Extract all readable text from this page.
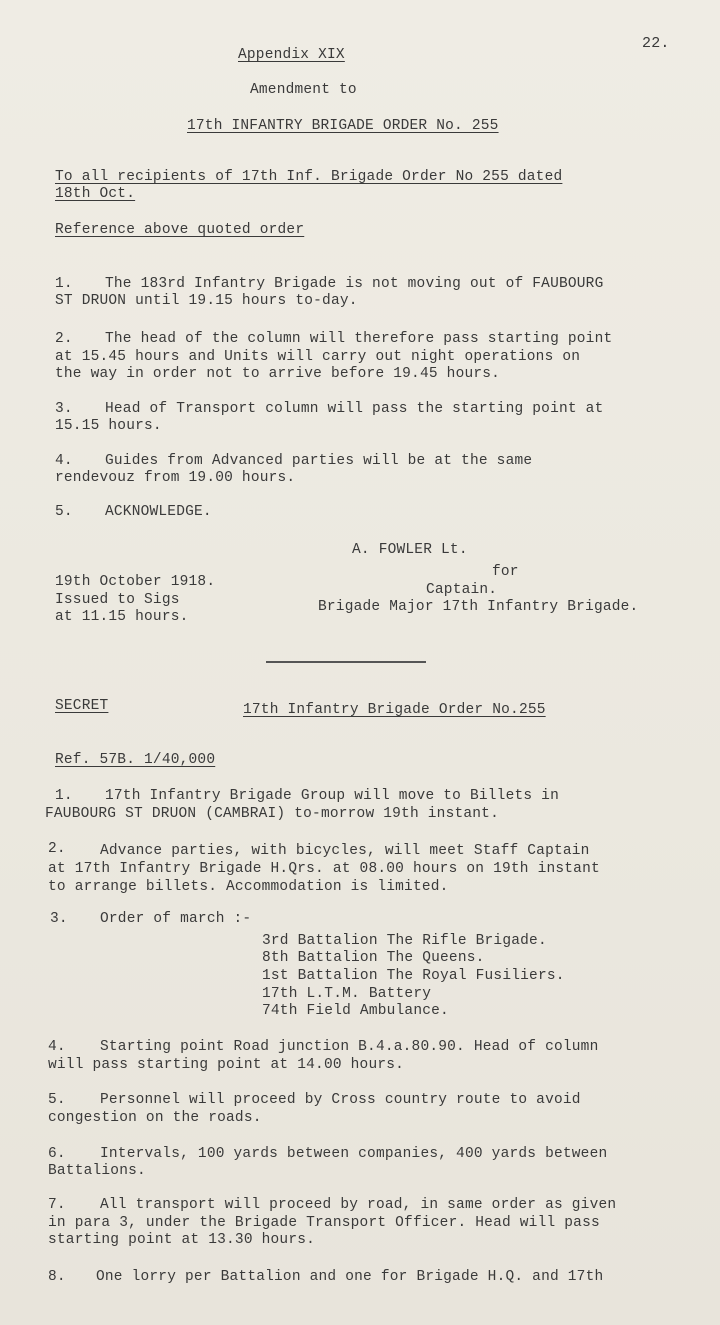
Appendix XIX

22.

Amendment to

17th INFANTRY BRIGADE ORDER No. 255

To all recipients of 17th Inf. Brigade Order No 255 dated

18th Oct.

Reference above quoted order

1. The 183rd Infantry Brigade is not moving out of FAUBOURG

ST DRUON until 19.15 hours to-day.

2. The head of the column will therefore pass starting point

at 15.45 hours and Units will carry out night operations on

the way in order not to arrive before 19.45 hours.

3. Head of Transport column will pass the starting point at

15.15 hours.

4. Guides from Advanced parties will be at the same

rendevouz from 19.00 hours.

5. ACKNOWLEDGE.

A. FOWLER Lt.

for

Captain.

Brigade Major 17th Infantry Brigade.

19th October 1918.

Issued to Sigs

at 11.15 hours.

SECRET	17th Infantry Brigade Order No.255

Ref. 57B. 1/40,000

1. 17th Infantry Brigade Group will move to Billets in

FAUBOURG ST DRUON (CAMBRAI) to-morrow 19th instant.

2. Advance parties, with bicycles, will meet Staff Captain

at 17th Infantry Brigade H.Qrs. at 08.00 hours on 19th instant

to arrange billets. Accommodation is limited.

3. Order of march :-

3rd Battalion The Rifle Brigade.

8th Battalion The Queens.

1st Battalion The Royal Fusiliers.

17th L.T.M. Battery

74th Field Ambulance.

4. Starting point Road junction B.4.a.80.90. Head of column

will pass starting point at 14.00 hours.

5. Personnel will proceed by Cross country route to avoid

congestion on the roads.

6. Intervals, 100 yards between companies, 400 yards between

Battalions.

7. All transport will proceed by road, in same order as given

in para 3, under the Brigade Transport Officer. Head will pass

starting point at 13.30 hours.

8. One lorry per Battalion and one for Brigade H.Q. and 17th
